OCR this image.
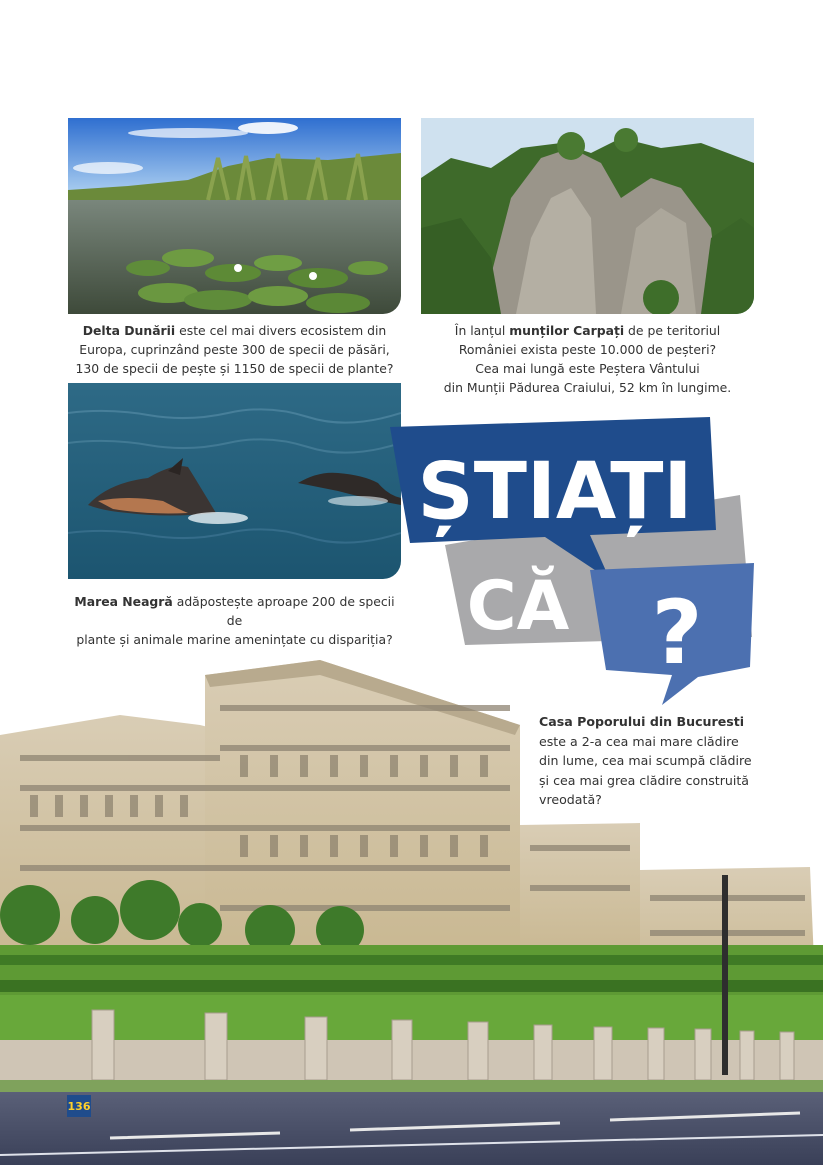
Delta Dunării este cel mai divers ecosistem din
Europa, cuprinzând peste 300 de specii de păsări,
130 de specii de pește și 1150 de specii de plante?
În lanțul munților Carpați de pe teritoriul
României exista peste 10.000 de peșteri?
Cea mai lungă este Peștera Vântului
din Munții Pădurea Craiului, 52 km în lungime.
Marea Neagră adăpostește aproape 200 de specii de
plante și animale marine amenințate cu dispariția?
ȘTIAȚI
CĂ ?
Casa Poporului din Bucuresti
este a 2-a cea mai mare clădire
din lume, cea mai scumpă clădire
și cea mai grea clădire construită
vreodată?
136
